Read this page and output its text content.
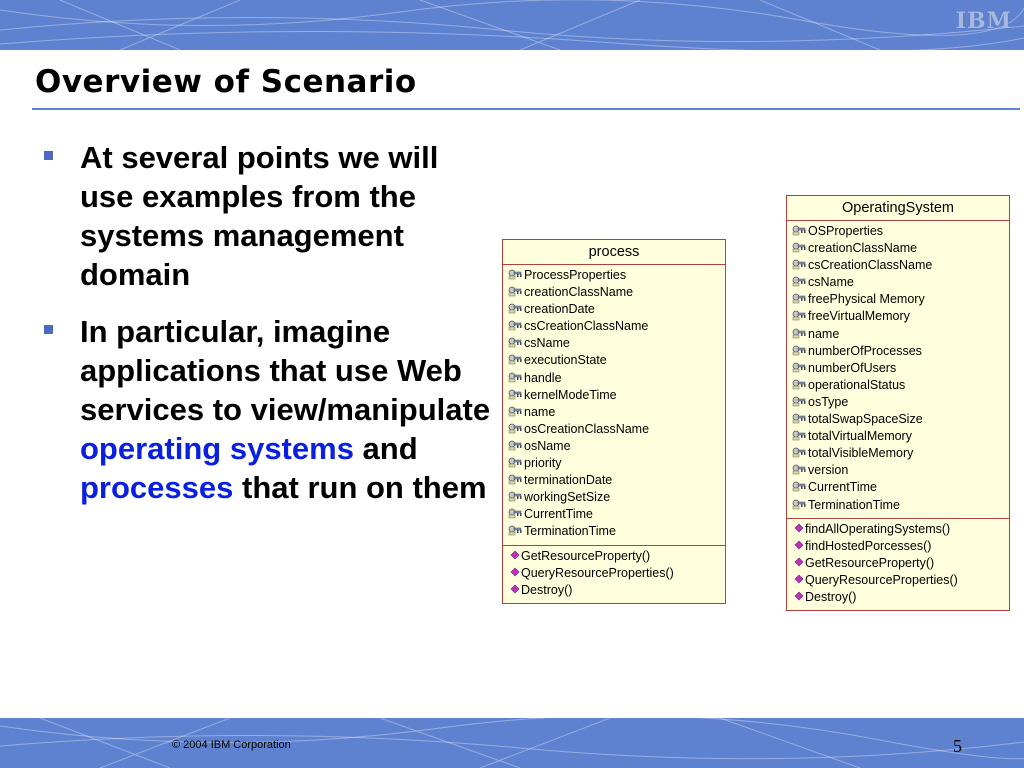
IBM
Overview of Scenario
At several points we will use examples from the systems management domain
In particular, imagine applications that use Web services to view/manipulate operating systems and processes that run on them
process
ProcessProperties
creationClassName
creationDate
csCreationClassName
csName
executionState
handle
kernelModeTime
name
osCreationClassName
osName
priority
terminationDate
workingSetSize
CurrentTime
TerminationTime
GetResourceProperty()
QueryResourceProperties()
Destroy()
OperatingSystem
OSProperties
creationClassName
csCreationClassName
csName
freePhysical Memory
freeVirtualMemory
name
numberOfProcesses
numberOfUsers
operationalStatus
osType
totalSwapSpaceSize
totalVirtualMemory
totalVisibleMemory
version
CurrentTime
TerminationTime
findAllOperatingSystems()
findHostedPorcesses()
GetResourceProperty()
QueryResourceProperties()
Destroy()
© 2004 IBM Corporation	5
